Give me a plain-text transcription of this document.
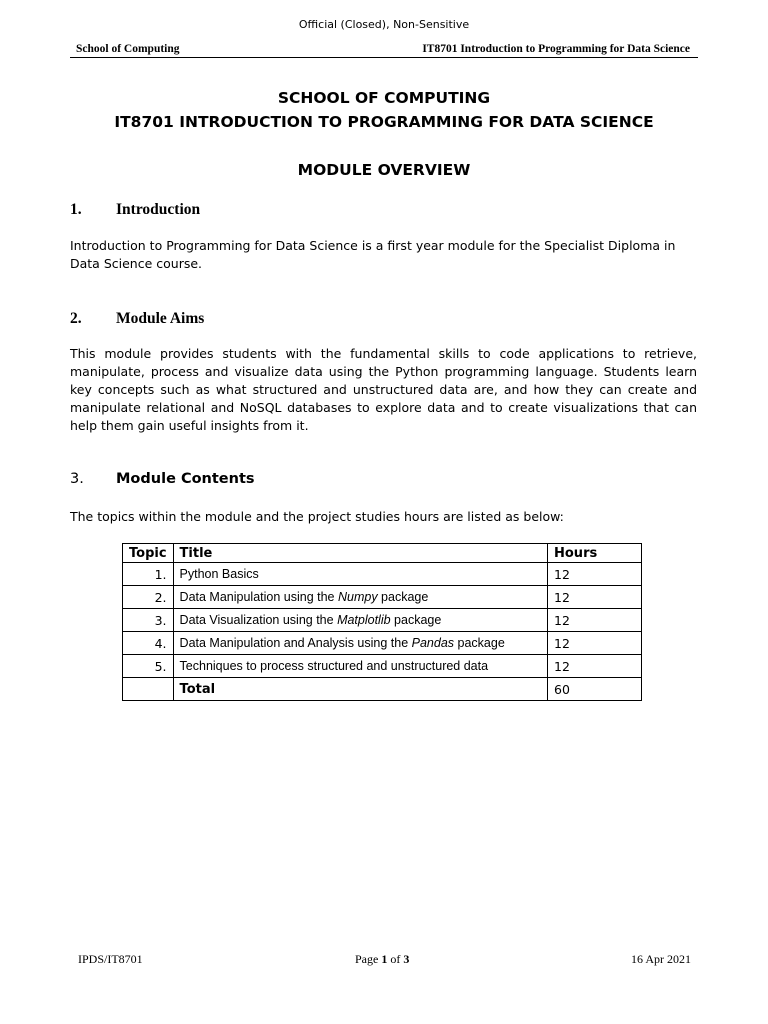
Official (Closed), Non-Sensitive
School of Computing	IT8701 Introduction to Programming for Data Science
SCHOOL OF COMPUTING
IT8701 INTRODUCTION TO PROGRAMMING FOR DATA SCIENCE
MODULE OVERVIEW
1. Introduction
Introduction to Programming for Data Science is a first year module for the Specialist Diploma in Data Science course.
2. Module Aims
This module provides students with the fundamental skills to code applications to retrieve, manipulate, process and visualize data using the Python programming language. Students learn key concepts such as what structured and unstructured data are, and how they can create and manipulate relational and NoSQL databases to explore data and to create visualizations that can help them gain useful insights from it.
3. Module Contents
The topics within the module and the project studies hours are listed as below:
Topic	Title	Hours
1.	Python Basics	12
2.	Data Manipulation using the Numpy package	12
3.	Data Visualization using the Matplotlib package	12
4.	Data Manipulation and Analysis using the Pandas package	12
5.	Techniques to process structured and unstructured data	12
	Total	60
IPDS/IT8701	Page 1 of 3	16 Apr 2021
